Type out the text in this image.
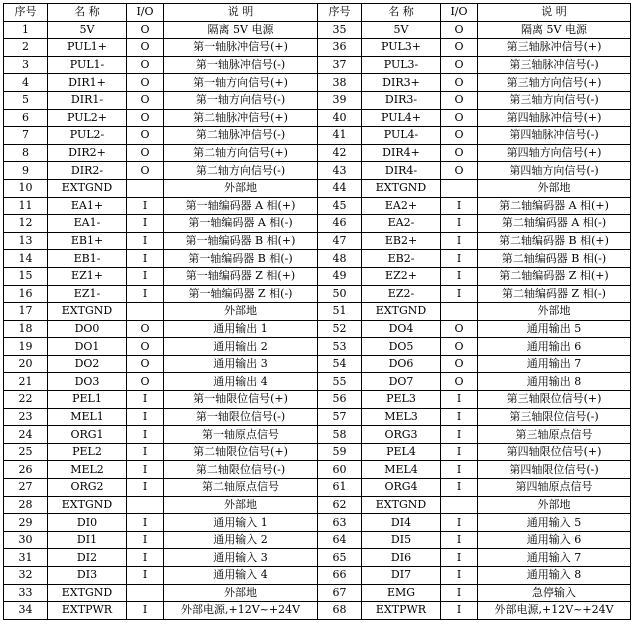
序号	名 称	I/O	说 明	序号	名 称	I/O	说 明
1	5V	O	隔离 5V 电源	35	5V	O	隔离 5V 电源
2	PUL1+	O	第一轴脉冲信号(+)	36	PUL3+	O	第三轴脉冲信号(+)
3	PUL1-	O	第一轴脉冲信号(-)	37	PUL3-	O	第三轴脉冲信号(-)
4	DIR1+	O	第一轴方向信号(+)	38	DIR3+	O	第三轴方向信号(+)
5	DIR1-	O	第一轴方向信号(-)	39	DIR3-	O	第三轴方向信号(-)
6	PUL2+	O	第二轴脉冲信号(+)	40	PUL4+	O	第四轴脉冲信号(+)
7	PUL2-	O	第二轴脉冲信号(-)	41	PUL4-	O	第四轴脉冲信号(-)
8	DIR2+	O	第二轴方向信号(+)	42	DIR4+	O	第四轴方向信号(+)
9	DIR2-	O	第二轴方向信号(-)	43	DIR4-	O	第四轴方向信号(-)
10	EXTGND		外部地	44	EXTGND		外部地
11	EA1+	I	第一轴编码器 A 相(+)	45	EA2+	I	第二轴编码器 A 相(+)
12	EA1-	I	第一轴编码器 A 相(-)	46	EA2-	I	第二轴编码器 A 相(-)
13	EB1+	I	第一轴编码器 B 相(+)	47	EB2+	I	第二轴编码器 B 相(+)
14	EB1-	I	第一轴编码器 B 相(-)	48	EB2-	I	第二轴编码器 B 相(-)
15	EZ1+	I	第一轴编码器 Z 相(+)	49	EZ2+	I	第二轴编码器 Z 相(+)
16	EZ1-	I	第一轴编码器 Z 相(-)	50	EZ2-	I	第二轴编码器 Z 相(-)
17	EXTGND		外部地	51	EXTGND		外部地
18	DO0	O	通用输出 1	52	DO4	O	通用输出 5
19	DO1	O	通用输出 2	53	DO5	O	通用输出 6
20	DO2	O	通用输出 3	54	DO6	O	通用输出 7
21	DO3	O	通用输出 4	55	DO7	O	通用输出 8
22	PEL1	I	第一轴限位信号(+)	56	PEL3	I	第三轴限位信号(+)
23	MEL1	I	第一轴限位信号(-)	57	MEL3	I	第三轴限位信号(-)
24	ORG1	I	第一轴原点信号	58	ORG3	I	第三轴原点信号
25	PEL2	I	第二轴限位信号(+)	59	PEL4	I	第四轴限位信号(+)
26	MEL2	I	第二轴限位信号(-)	60	MEL4	I	第四轴限位信号(-)
27	ORG2	I	第二轴原点信号	61	ORG4	I	第四轴原点信号
28	EXTGND		外部地	62	EXTGND		外部地
29	DI0	I	通用输入 1	63	DI4	I	通用输入 5
30	DI1	I	通用输入 2	64	DI5	I	通用输入 6
31	DI2	I	通用输入 3	65	DI6	I	通用输入 7
32	DI3	I	通用输入 4	66	DI7	I	通用输入 8
33	EXTGND		外部地	67	EMG	I	急停输入
34	EXTPWR	I	外部电源,+12V~+24V	68	EXTPWR	I	外部电源,+12V~+24V
